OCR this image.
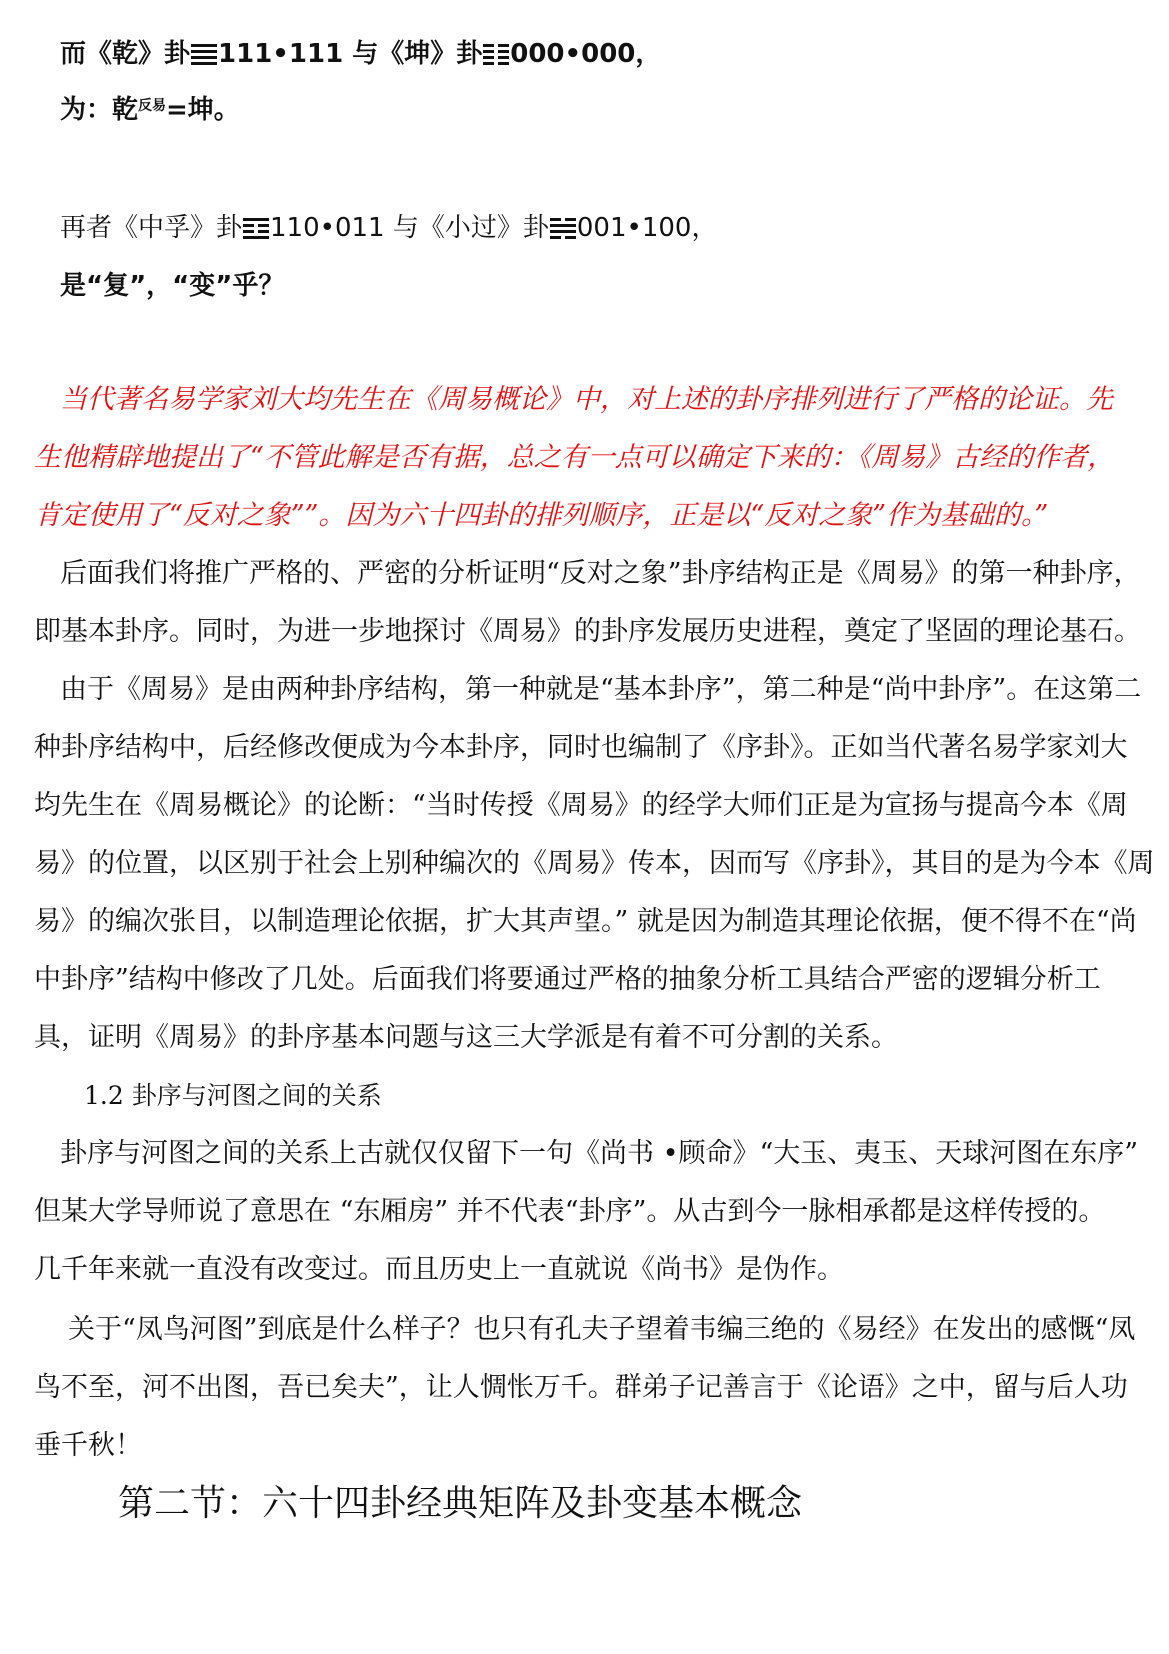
而《乾》卦 111•111 与《坤》卦 000•000，
为：乾$^{反易}$=坤。
再者《中孚》卦 110•011 与《小过》卦 001•100，
是“复”，“变”乎？
当代著名易学家刘大均先生在《周易概论》中，对上述的卦序排列进行了严格的论证。先
生他精辟地提出了“不管此解是否有据，总之有一点可以确定下来的：《周易》古经的作者，
肯定使用了“反对之象””。因为六十四卦的排列顺序，正是以“反对之象”作为基础的。”
后面我们将推广严格的、严密的分析证明“反对之象”卦序结构正是《周易》的第一种卦序，
即基本卦序。同时，为进一步地探讨《周易》的卦序发展历史进程，奠定了坚固的理论基石。
由于《周易》是由两种卦序结构，第一种就是“基本卦序”，第二种是“尚中卦序”。在这第二
种卦序结构中，后经修改便成为今本卦序，同时也编制了《序卦》。正如当代著名易学家刘大
均先生在《周易概论》的论断：“当时传授《周易》的经学大师们正是为宣扬与提高今本《周
易》的位置，以区别于社会上别种编次的《周易》传本，因而写《序卦》，其目的是为今本《周
易》的编次张目，以制造理论依据，扩大其声望。” 就是因为制造其理论依据，便不得不在“尚
中卦序”结构中修改了几处。后面我们将要通过严格的抽象分析工具结合严密的逻辑分析工
具，证明《周易》的卦序基本问题与这三大学派是有着不可分割的关系。
1.2 卦序与河图之间的关系
卦序与河图之间的关系上古就仅仅留下一句《尚书 •顾命》“大玉、夷玉、天球河图在东序”
但某大学导师说了意思在 “东厢房” 并不代表“卦序”。从古到今一脉相承都是这样传授的。
几千年来就一直没有改变过。而且历史上一直就说《尚书》是伪作。
关于“凤鸟河图”到底是什么样子？也只有孔夫子望着韦编三绝的《易经》在发出的感慨“凤
鸟不至，河不出图，吾已矣夫”，让人惆怅万千。群弟子记善言于《论语》之中，留与后人功
垂千秋！
第二节：六十四卦经典矩阵及卦变基本概念
